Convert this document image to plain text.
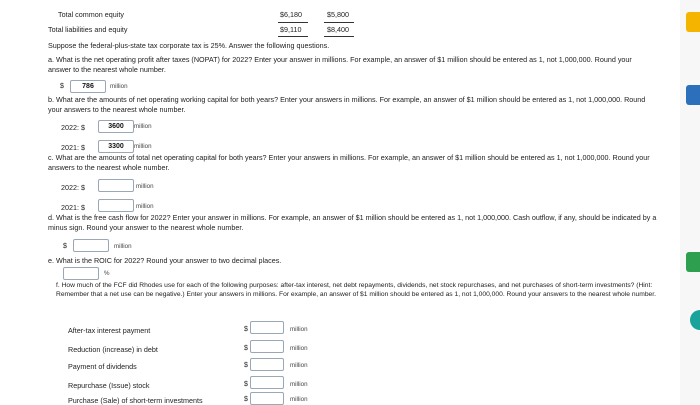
Total common equity	$6,180	$5,800
Total liabilities and equity	$9,110	$8,400
Suppose the federal-plus-state tax corporate tax is 25%. Answer the following questions.
a. What is the net operating profit after taxes (NOPAT) for 2022? Enter your answer in millions. For example, an answer of $1 million should be entered as 1, not 1,000,000. Round your answer to the nearest whole number.
$	786	million
b. What are the amounts of net operating working capital for both years? Enter your answers in millions. For example, an answer of $1 million should be entered as 1, not 1,000,000. Round your answers to the nearest whole number.
2022: $	3600	million
2021: $	3300	million
c. What are the amounts of total net operating capital for both years? Enter your answers in millions. For example, an answer of $1 million should be entered as 1, not 1,000,000. Round your answers to the nearest whole number.
2022: $	million
2021: $	million
d. What is the free cash flow for 2022? Enter your answer in millions. For example, an answer of $1 million should be entered as 1, not 1,000,000. Cash outflow, if any, should be indicated by a minus sign. Round your answer to the nearest whole number.
$	million
e. What is the ROIC for 2022? Round your answer to two decimal places.
%
f. How much of the FCF did Rhodes use for each of the following purposes: after-tax interest, net debt repayments, dividends, net stock repurchases, and net purchases of short-term investments? (Hint: Remember that a net use can be negative.) Enter your answers in millions. For example, an answer of $1 million should be entered as 1, not 1,000,000. Round your answers to the nearest whole number.
After-tax interest payment	$	million
Reduction (increase) in debt	$	million
Payment of dividends	$	million
Repurchase (Issue) stock	$	million
Purchase (Sale) of short-term investments	$	million
